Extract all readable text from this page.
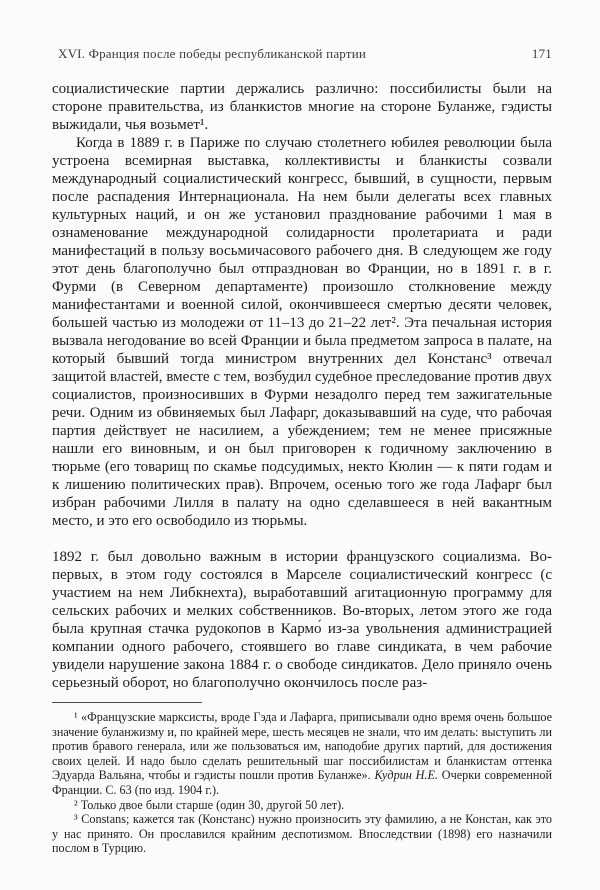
XVI. Франция после победы республиканской партии	171

социалистические партии держались различно: поссибилисты были на стороне правительства, из бланкистов многие на стороне Буланже, гэдисты выжидали, чья возьмет¹.

Когда в 1889 г. в Париже по случаю столетнего юбилея революции была устроена всемирная выставка, коллективисты и бланкисты созвали международный социалистический конгресс, бывший, в сущности, первым после распадения Интернационала. На нем были делегаты всех главных культурных наций, и он же установил празднование рабочими 1 мая в ознаменование международной солидарности пролетариата и ради манифестаций в пользу восьмичасового рабочего дня. В следующем же году этот день благополучно был отпразднован во Франции, но в 1891 г. в г. Фурми (в Северном департаменте) произошло столкновение между манифестантами и военной силой, окончившееся смертью десяти человек, большей частью из молодежи от 11–13 до 21–22 лет². Эта печальная история вызвала негодование во всей Франции и была предметом запроса в палате, на который бывший тогда министром внутренних дел Констанс³ отвечал защитой властей, вместе с тем, возбудил судебное преследование против двух социалистов, произносивших в Фурми незадолго перед тем зажигательные речи. Одним из обвиняемых был Лафарг, доказывавший на суде, что рабочая партия действует не насилием, а убеждением; тем не менее присяжные нашли его виновным, и он был приговорен к годичному заключению в тюрьме (его товарищ по скамье подсудимых, некто Кюлин — к пяти годам и к лишению политических прав). Впрочем, осенью того же года Лафарг был избран рабочими Лилля в палату на одно сделавшееся в ней вакантным место, и это его освободило из тюрьмы.

1892 г. был довольно важным в истории французского социализма. Во-первых, в этом году состоялся в Марселе социалистический конгресс (с участием на нем Либкнехта), выработавший агитационную программу для сельских рабочих и мелких собственников. Во-вторых, летом этого же года была крупная стачка рудокопов в Кармо́ из-за увольнения администрацией компании одного рабочего, стоявшего во главе синдиката, в чем рабочие увидели нарушение закона 1884 г. о свободе синдикатов. Дело приняло очень серьезный оборот, но благополучно окончилось после раз-

¹ «Французские марксисты, вроде Гэда и Лафарга, приписывали одно время очень большое значение буланжизму и, по крайней мере, шесть месяцев не знали, что им делать: выступить ли против бравого генерала, или же пользоваться им, наподобие других партий, для достижения своих целей. И надо было сделать решительный шаг поссибилистам и бланкистам оттенка Эдуарда Вальяна, чтобы и гэдисты пошли против Буланже». Кудрин Н.Е. Очерки современной Франции. С. 63 (по изд. 1904 г.).

² Только двое были старше (один 30, другой 50 лет).

³ Constans; кажется так (Констанс) нужно произносить эту фамилию, а не Констан, как это у нас принято. Он прославился крайним деспотизмом. Впоследствии (1898) его назначили послом в Турцию.
